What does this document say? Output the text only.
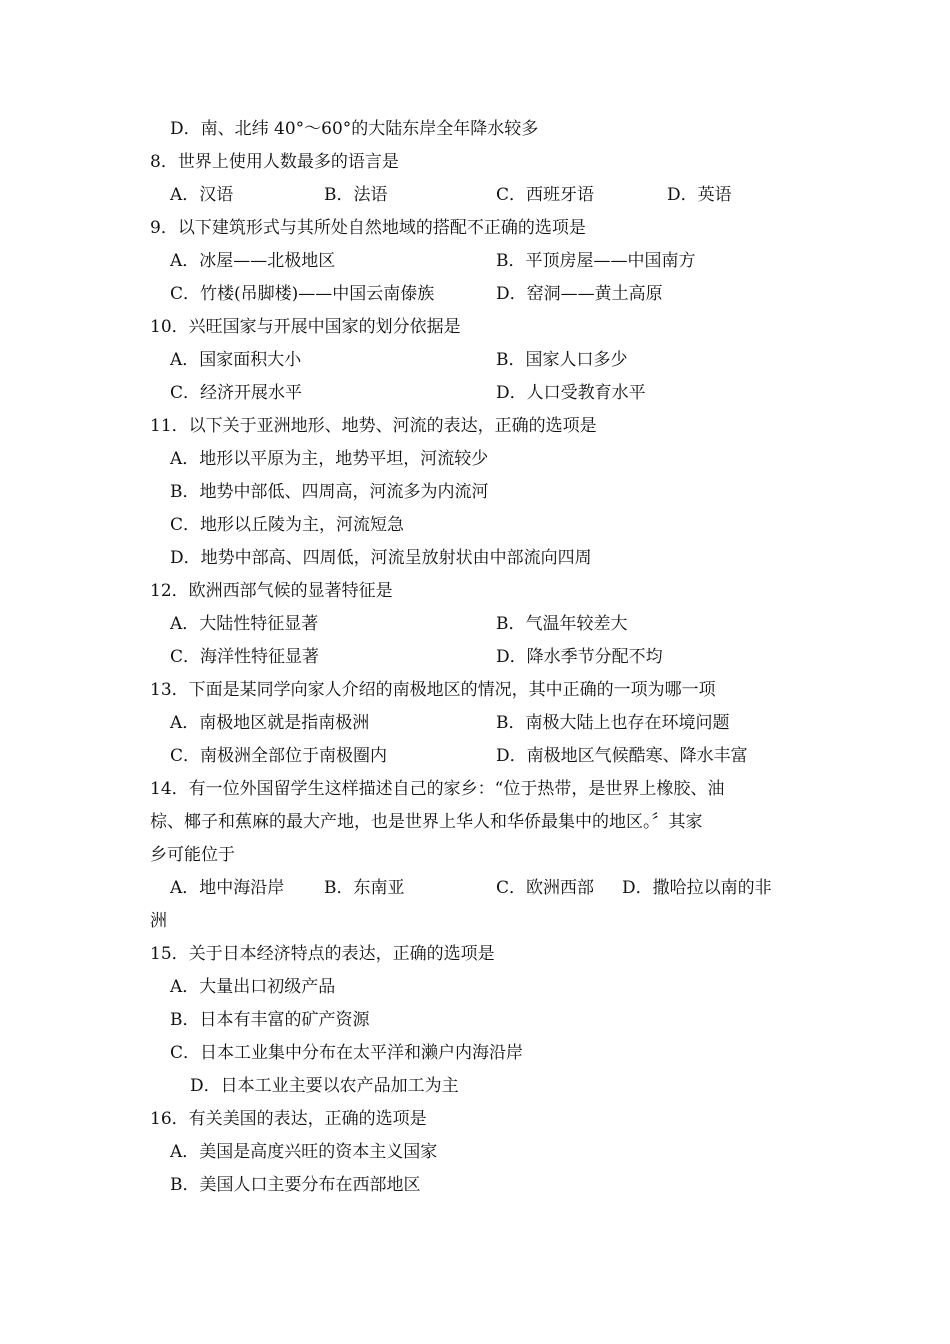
D．南、北纬 40°～60°的大陆东岸全年降水较多
8．世界上使用人数最多的语言是
A．汉语	B．法语	C．西班牙语	D．英语
9．以下建筑形式与其所处自然地域的搭配不正确的选项是
A．冰屋——北极地区	B．平顶房屋——中国南方
C．竹楼(吊脚楼)——中国云南傣族	D．窑洞——黄土高原
10．兴旺国家与开展中国家的划分依据是
A．国家面积大小	B．国家人口多少
C．经济开展水平	D．人口受教育水平
11．以下关于亚洲地形、地势、河流的表达，正确的选项是
A．地形以平原为主，地势平坦，河流较少
B．地势中部低、四周高，河流多为内流河
C．地形以丘陵为主，河流短急
D．地势中部高、四周低，河流呈放射状由中部流向四周
12．欧洲西部气候的显著特征是
A．大陆性特征显著	B．气温年较差大
C．海洋性特征显著	D．降水季节分配不均
13．下面是某同学向家人介绍的南极地区的情况，其中正确的一项为哪一项
A．南极地区就是指南极洲	B．南极大陆上也存在环境问题
C．南极洲全部位于南极圈内	D．南极地区气候酷寒、降水丰富
14．有一位外国留学生这样描述自己的家乡：“位于热带，是世界上橡胶、油
棕、椰子和蕉麻的最大产地，也是世界上华人和华侨最集中的地区。〞其家
乡可能位于
A．地中海沿岸 B．东南亚	C．欧洲西部 D．撒哈拉以南的非
洲
15．关于日本经济特点的表达，正确的选项是
A．大量出口初级产品
B．日本有丰富的矿产资源
C．日本工业集中分布在太平洋和濑户内海沿岸
D．日本工业主要以农产品加工为主
16．有关美国的表达，正确的选项是
A．美国是高度兴旺的资本主义国家
B．美国人口主要分布在西部地区
